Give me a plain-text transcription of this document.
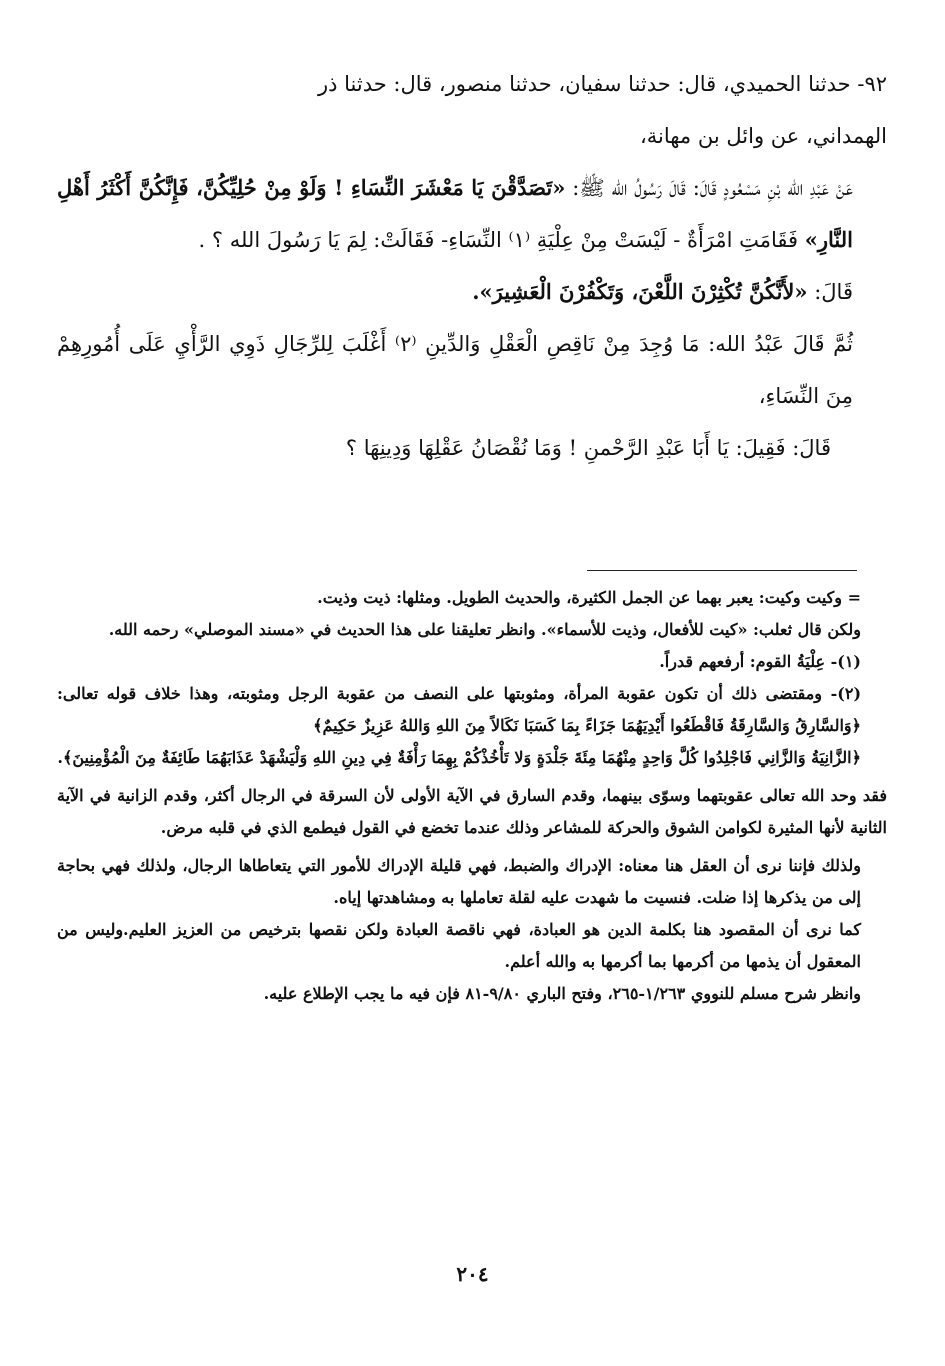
٩٢- حدثنا الحميدي، قال: حدثنا سفيان، حدثنا منصور، قال: حدثنا ذر

الهمداني، عن وائل بن مهانة،

عَنْ عَبْدِ الله بْنِ مَسْعُودٍ قَالَ: قَالَ رَسُولُ الله ﷺ: «تَصَدَّقْنَ يَا مَعْشَرَ النِّسَاءِ ! وَلَوْ مِنْ حُلِيِّكُنَّ، فَإِنَّكُنَّ أَكْثَرُ أَهْلِ النَّارِ» فَقَامَتِ امْرَأَةٌ - لَيْسَتْ مِنْ عِلْيَةِ ⁽١⁾ النِّسَاءِ- فَقَالَتْ: لِمَ يَا رَسُولَ الله ؟ .

قَالَ: «لأَنَّكُنَّ تُكْثِرْنَ اللَّعْنَ، وَتَكْفُرْنَ الْعَشِيرَ».

ثُمَّ قَالَ عَبْدُ الله: مَا وُجِدَ مِنْ نَاقِصِ الْعَقْلِ وَالدِّينِ ⁽٢⁾ أَغْلَبَ لِلرِّجَالِ ذَوِي الرَّأْيِ عَلَى أُمُورِهِمْ مِنَ النِّسَاءِ،

قَالَ: فَقِيلَ: يَا أَبَا عَبْدِ الرَّحْمنِ ! وَمَا نُقْصَانُ عَقْلِهَا وَدِينِهَا ؟

= وكيت وكيت: يعبر بهما عن الجمل الكثيرة، والحديث الطويل. ومثلها: ذيت وذيت.

ولكن قال ثعلب: «كيت للأفعال، وذيت للأسماء». وانظر تعليقنا على هذا الحديث في «مسند الموصلي» رحمه الله.

(١)- عِلْيَةُ القوم: أرفعهم قدراً.

(٢)- ومقتضى ذلك أن تكون عقوبة المرأة، ومثوبتها على النصف من عقوبة الرجل ومثوبته، وهذا خلاف قوله تعالى: ﴿وَالسَّارِقُ وَالسَّارِقَةُ فَاقْطَعُوا أَيْدِيَهُمَا جَزَاءً بِمَا كَسَبَا نَكَالاً مِنَ اللهِ وَاللهُ عَزِيزٌ حَكِيمٌ﴾

﴿الزَّانِيَةُ وَالزَّانِي فَاجْلِدُوا كُلَّ وَاحِدٍ مِنْهُمَا مِئَةَ جَلْدَةٍ وَلا تَأْخُذْكُمْ بِهِمَا رَأْفَةٌ فِي دِينِ اللهِ وَلْيَشْهَدْ عَذَابَهُمَا طَائِفَةٌ مِنَ الْمُؤْمِنِينَ﴾.

فقد وحد الله تعالى عقوبتهما وسوّى بينهما، وقدم السارق في الآية الأولى لأن السرقة في الرجال أكثر، وقدم الزانية في الآية الثانية لأنها المثيرة لكوامن الشوق والحركة للمشاعر وذلك عندما تخضع في القول فيطمع الذي في قلبه مرض.

ولذلك فإننا نرى أن العقل هنا معناه: الإدراك والضبط، فهي قليلة الإدراك للأمور التي يتعاطاها الرجال، ولذلك فهي بحاجة إلى من يذكرها إذا ضلت. فنسيت ما شهدت عليه لقلة تعاملها به ومشاهدتها إياه.

كما نرى أن المقصود هنا بكلمة الدين هو العبادة، فهي ناقصة العبادة ولكن نقصها بترخيص من العزيز العليم.وليس من المعقول أن يذمها من أكرمها بما أكرمها به والله أعلم.

وانظر شرح مسلم للنووي ١/٢٦٣-٢٦٥، وفتح الباري ٩/٨٠-٨١ فإن فيه ما يجب الإطلاع عليه.

٢٠٤
